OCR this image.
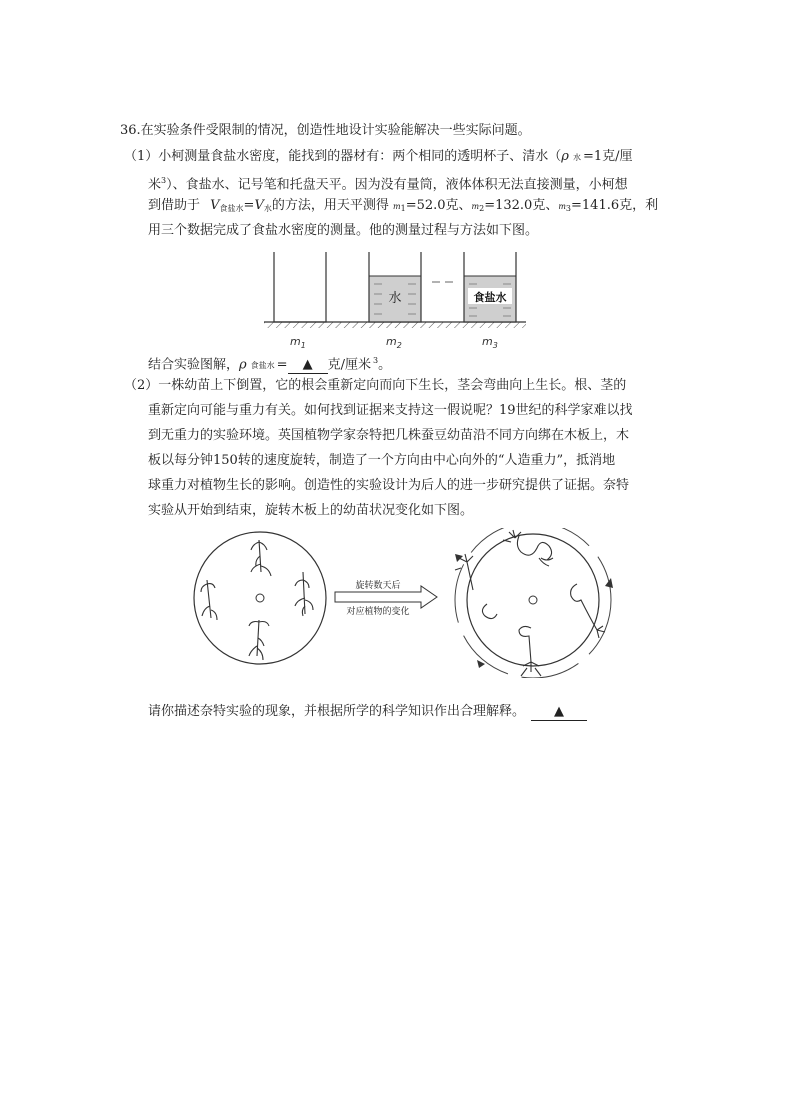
36.在实验条件受限制的情况，创造性地设计实验能解决一些实际问题。
（1）小柯测量食盐水密度，能找到的器材有：两个相同的透明杯子、清水（ρ 水 =1克/厘
米$^3$）、食盐水、记号笔和托盘天平。因为没有量筒，液体体积无法直接测量，小柯想
到借助于 $V_{食盐水}=V_水$的方法，用天平测得 $m_1=52.0$克、$m_2=132.0$克、$m_3=141.6$克，利
用三个数据完成了食盐水密度的测量。他的测量过程与方法如下图。
水	食盐水
$m_1$	$m_2$	$m_3$
结合实验图解，ρ 食盐水 = ▲ 克/厘米 $^3$。
（2）一株幼苗上下倒置，它的根会重新定向而向下生长，茎会弯曲向上生长。根、茎的
重新定向可能与重力有关。如何找到证据来支持这一假说呢？19世纪的科学家难以找
到无重力的实验环境。英国植物学家奈特把几株蚕豆幼苗沿不同方向绑在木板上，木
板以每分钟150转的速度旋转，制造了一个方向由中心向外的“人造重力”，抵消地
球重力对植物生长的影响。创造性的实验设计为后人的进一步研究提供了证据。奈特
实验从开始到结束，旋转木板上的幼苗状况变化如下图。
旋转数天后
对应植物的变化
请你描述奈特实验的现象，并根据所学的科学知识作出合理解释。 ▲
